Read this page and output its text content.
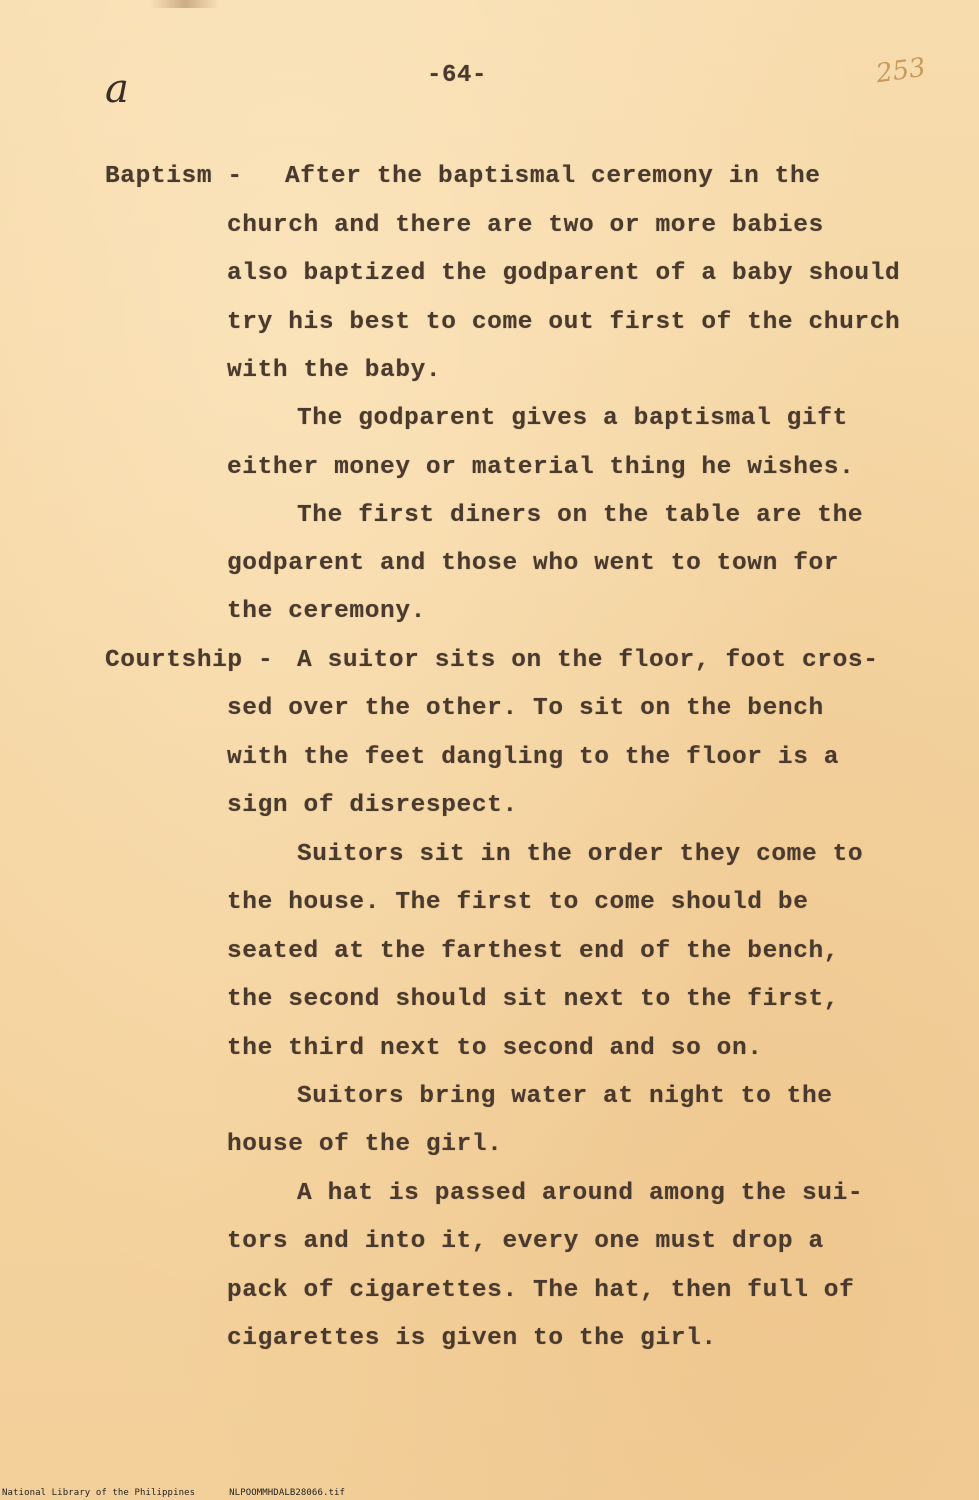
a	253
-64-
Baptism - After the baptismal ceremony in the
church and there are two or more babies
also baptized the godparent of a baby should
try his best to come out first of the church
with the baby.
The godparent gives a baptismal gift
either money or material thing he wishes.
The first diners on the table are the
godparent and those who went to town for
the ceremony.
Courtship - A suitor sits on the floor, foot cros-
sed over the other. To sit on the bench
with the feet dangling to the floor is a
sign of disrespect.
Suitors sit in the order they come to
the house. The first to come should be
seated at the farthest end of the bench,
the second should sit next to the first,
the third next to second and so on.
Suitors bring water at night to the
house of the girl.
A hat is passed around among the sui-
tors and into it, every one must drop a
pack of cigarettes. The hat, then full of
cigarettes is given to the girl.
National Library of the Philippines	NLPOOMMHDALB28066.tif
